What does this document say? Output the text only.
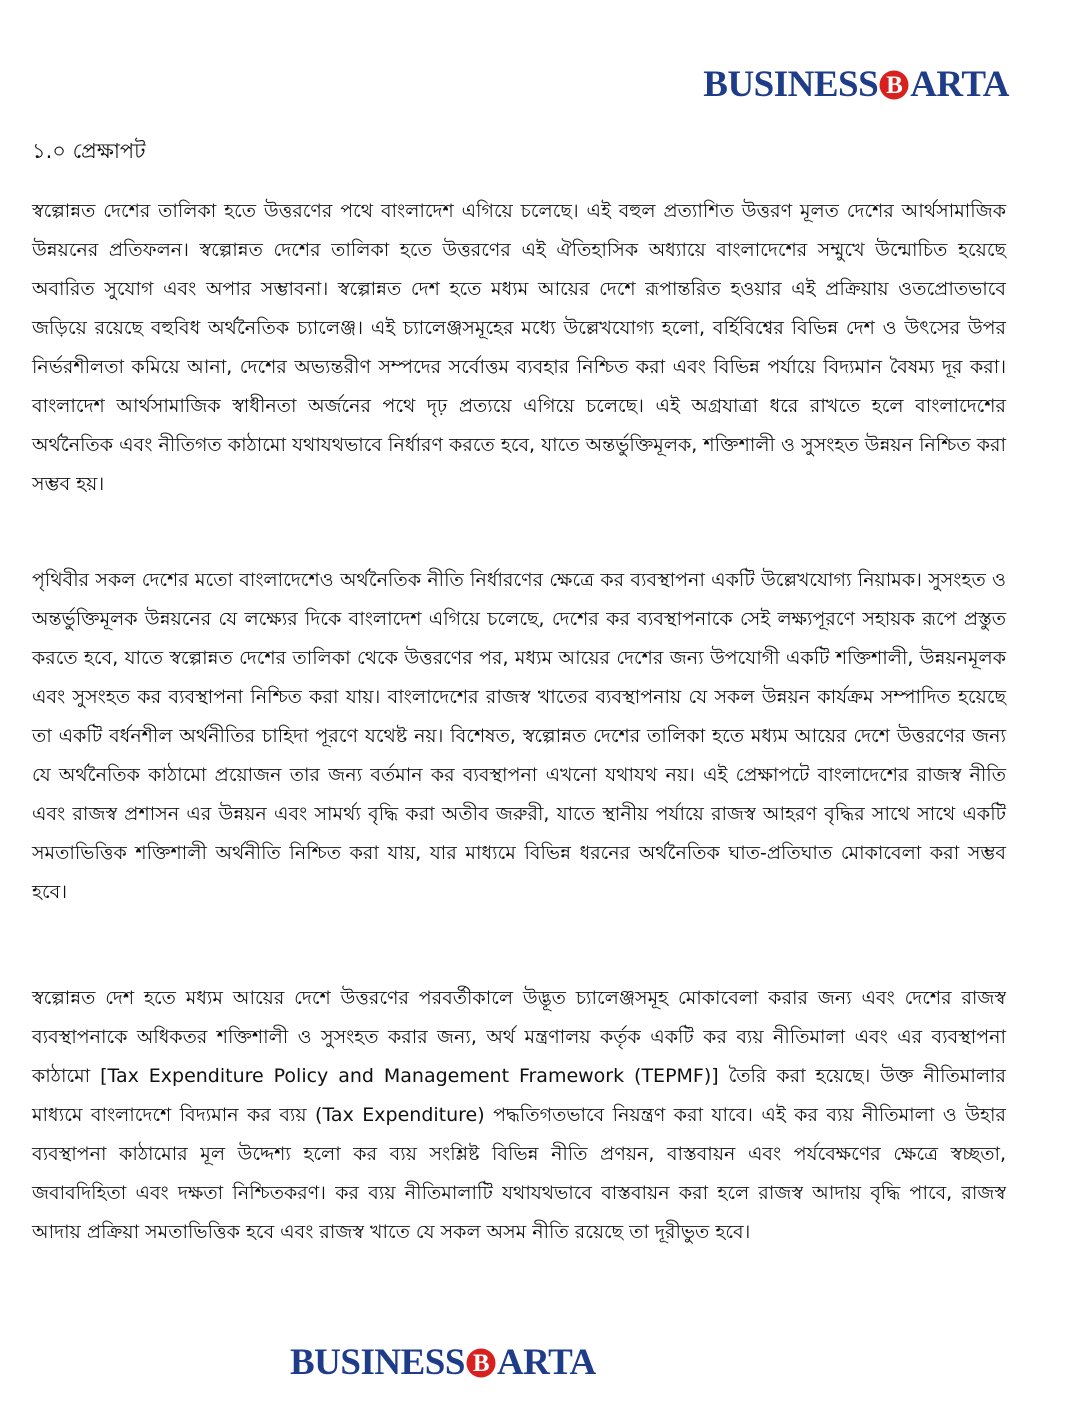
BUSINESS B ARTA
১.০ প্রেক্ষাপট

স্বল্পোন্নত দেশের তালিকা হতে উত্তরণের পথে বাংলাদেশ এগিয়ে চলেছে। এই বহুল প্রত্যাশিত উত্তরণ মূলত দেশের আর্থসামাজিক উন্নয়নের প্রতিফলন। স্বল্পোন্নত দেশের তালিকা হতে উত্তরণের এই ঐতিহাসিক অধ্যায়ে বাংলাদেশের সম্মুখে উন্মোচিত হয়েছে অবারিত সুযোগ এবং অপার সম্ভাবনা। স্বল্পোন্নত দেশ হতে মধ্যম আয়ের দেশে রূপান্তরিত হওয়ার এই প্রক্রিয়ায় ওতপ্রোতভাবে জড়িয়ে রয়েছে বহুবিধ অর্থনৈতিক চ্যালেঞ্জ। এই চ্যালেঞ্জসমূহের মধ্যে উল্লেখযোগ্য হলো, বর্হিবিশ্বের বিভিন্ন দেশ ও উৎসের উপর নির্ভরশীলতা কমিয়ে আনা, দেশের অভ্যন্তরীণ সম্পদের সর্বোত্তম ব্যবহার নিশ্চিত করা এবং বিভিন্ন পর্যায়ে বিদ্যমান বৈষম্য দূর করা। বাংলাদেশ আর্থসামাজিক স্বাধীনতা অর্জনের পথে দৃঢ় প্রত্যয়ে এগিয়ে চলেছে। এই অগ্রযাত্রা ধরে রাখতে হলে বাংলাদেশের অর্থনৈতিক এবং নীতিগত কাঠামো যথাযথভাবে নির্ধারণ করতে হবে, যাতে অন্তর্ভুক্তিমূলক, শক্তিশালী ও সুসংহত উন্নয়ন নিশ্চিত করা সম্ভব হয়।

পৃথিবীর সকল দেশের মতো বাংলাদেশেও অর্থনৈতিক নীতি নির্ধারণের ক্ষেত্রে কর ব্যবস্থাপনা একটি উল্লেখযোগ্য নিয়ামক। সুসংহত ও অন্তর্ভুক্তিমূলক উন্নয়নের যে লক্ষ্যের দিকে বাংলাদেশ এগিয়ে চলেছে, দেশের কর ব্যবস্থাপনাকে সেই লক্ষ্যপূরণে সহায়ক রূপে প্রস্তুত করতে হবে, যাতে স্বল্পোন্নত দেশের তালিকা থেকে উত্তরণের পর, মধ্যম আয়ের দেশের জন্য উপযোগী একটি শক্তিশালী, উন্নয়নমূলক এবং সুসংহত কর ব্যবস্থাপনা নিশ্চিত করা যায়। বাংলাদেশের রাজস্ব খাতের ব্যবস্থাপনায় যে সকল উন্নয়ন কার্যক্রম সম্পাদিত হয়েছে তা একটি বর্ধনশীল অর্থনীতির চাহিদা পূরণে যথেষ্ট নয়। বিশেষত, স্বল্পোন্নত দেশের তালিকা হতে মধ্যম আয়ের দেশে উত্তরণের জন্য যে অর্থনৈতিক কাঠামো প্রয়োজন তার জন্য বর্তমান কর ব্যবস্থাপনা এখনো যথাযথ নয়। এই প্রেক্ষাপটে বাংলাদেশের রাজস্ব নীতি এবং রাজস্ব প্রশাসন এর উন্নয়ন এবং সামর্থ্য বৃদ্ধি করা অতীব জরুরী, যাতে স্থানীয় পর্যায়ে রাজস্ব আহরণ বৃদ্ধির সাথে সাথে একটি সমতাভিত্তিক শক্তিশালী অর্থনীতি নিশ্চিত করা যায়, যার মাধ্যমে বিভিন্ন ধরনের অর্থনৈতিক ঘাত-প্রতিঘাত মোকাবেলা করা সম্ভব হবে।

স্বল্পোন্নত দেশ হতে মধ্যম আয়ের দেশে উত্তরণের পরবর্তীকালে উদ্ভূত চ্যালেঞ্জসমূহ মোকাবেলা করার জন্য এবং দেশের রাজস্ব ব্যবস্থাপনাকে অধিকতর শক্তিশালী ও সুসংহত করার জন্য, অর্থ মন্ত্রণালয় কর্তৃক একটি কর ব্যয় নীতিমালা এবং এর ব্যবস্থাপনা কাঠামো [Tax Expenditure Policy and Management Framework (TEPMF)] তৈরি করা হয়েছে। উক্ত নীতিমালার মাধ্যমে বাংলাদেশে বিদ্যমান কর ব্যয় (Tax Expenditure) পদ্ধতিগতভাবে নিয়ন্ত্রণ করা যাবে। এই কর ব্যয় নীতিমালা ও উহার ব্যবস্থাপনা কাঠামোর মূল উদ্দেশ্য হলো কর ব্যয় সংশ্লিষ্ট বিভিন্ন নীতি প্রণয়ন, বাস্তবায়ন এবং পর্যবেক্ষণের ক্ষেত্রে স্বচ্ছতা, জবাবদিহিতা এবং দক্ষতা নিশ্চিতকরণ। কর ব্যয় নীতিমালাটি যথাযথভাবে বাস্তবায়ন করা হলে রাজস্ব আদায় বৃদ্ধি পাবে, রাজস্ব আদায় প্রক্রিয়া সমতাভিত্তিক হবে এবং রাজস্ব খাতে যে সকল অসম নীতি রয়েছে তা দূরীভুত হবে।

BUSINESS B ARTA
